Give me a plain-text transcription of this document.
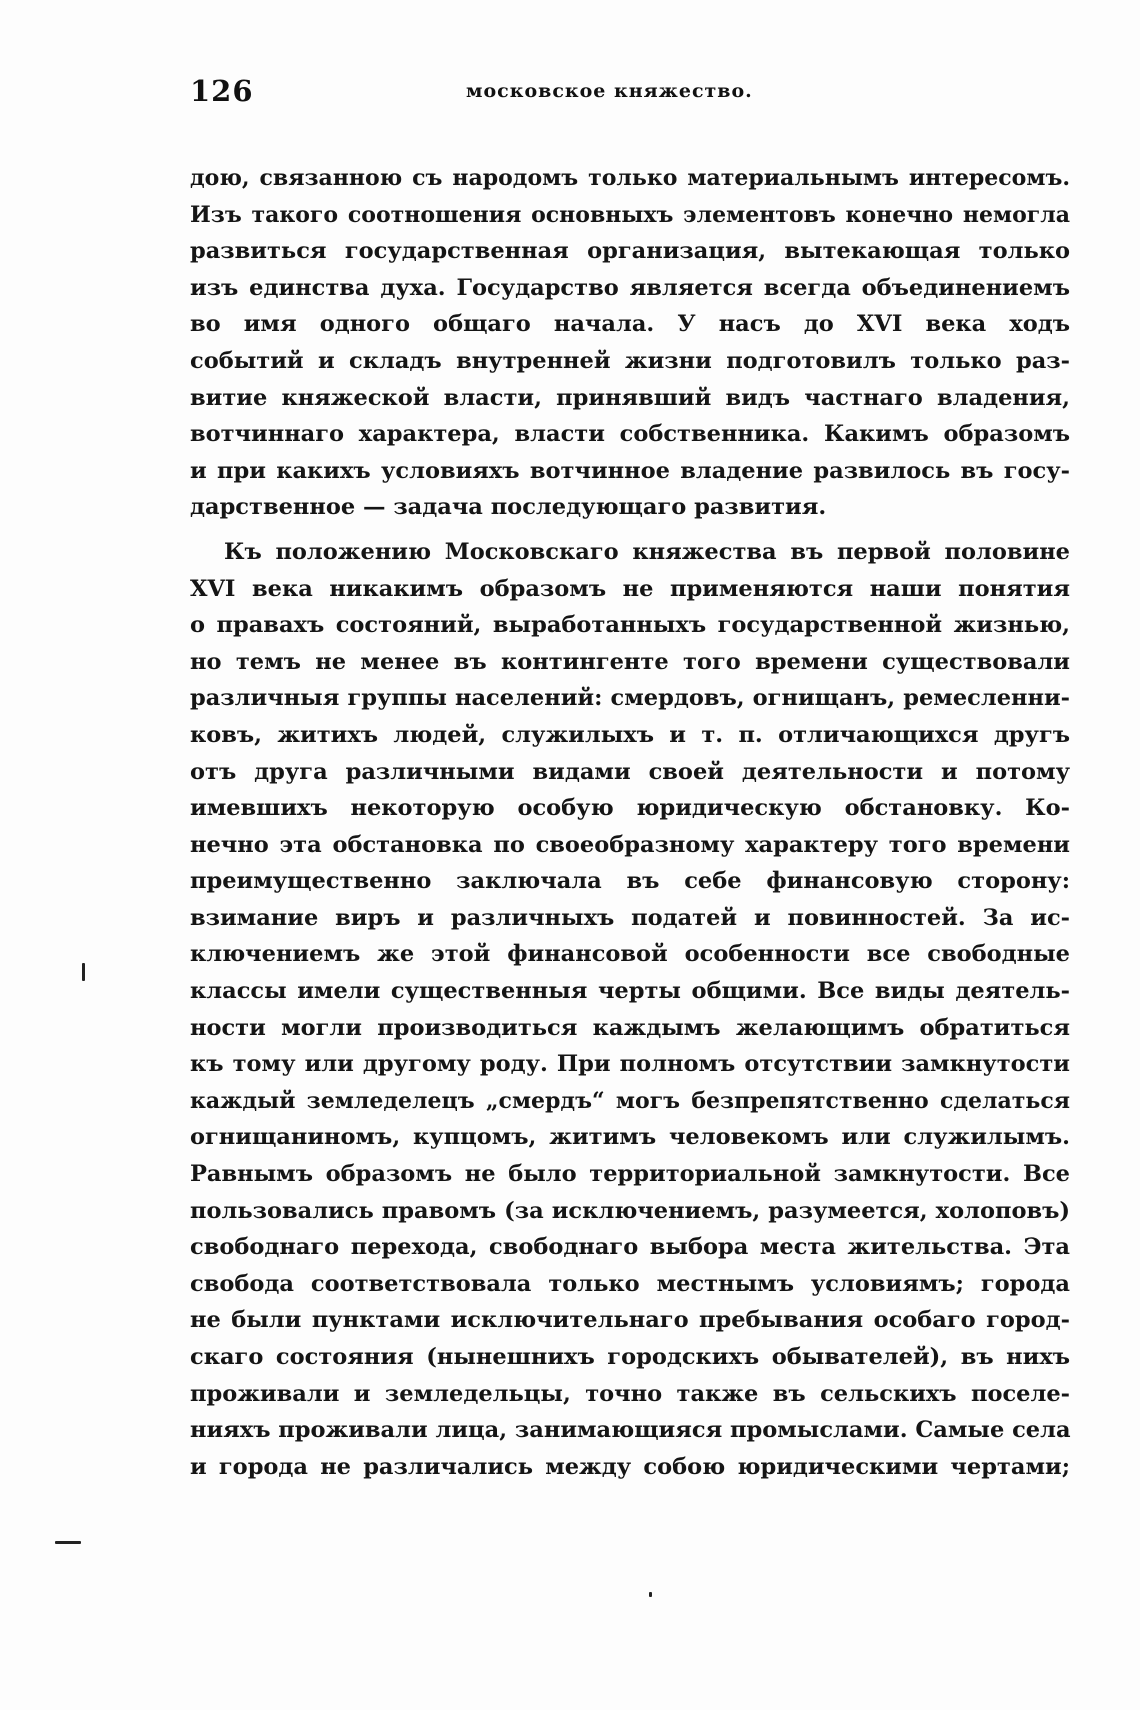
126	московское княжество.
дою, связанною съ народомъ только материальнымъ интересомъ.
Изъ такого соотношения основныхъ элементовъ конечно немогла
развиться государственная организация, вытекающая только
изъ единства духа. Государство является всегда объединениемъ
во имя одного общаго начала. У насъ до XVI века ходъ
событий и складъ внутренней жизни подготовилъ только раз-
витие княжеской власти, принявший видъ частнаго владения,
вотчиннаго характера, власти собственника. Какимъ образомъ
и при какихъ условияхъ вотчинное владение развилось въ госу-
дарственное — задача последующаго развития.
Къ положению Московскаго княжества въ первой половине
XVI века никакимъ образомъ не применяются наши понятия
о правахъ состояний, выработанныхъ государственной жизнью,
но темъ не менее въ контингенте того времени существовали
различныя группы населений: смердовъ, огнищанъ, ремесленни-
ковъ, житихъ людей, служилыхъ и т. п. отличающихся другъ
отъ друга различными видами своей деятельности и потому
имевшихъ некоторую особую юридическую обстановку. Ко-
нечно эта обстановка по своеобразному характеру того времени
преимущественно заключала въ себе финансовую сторону:
взимание виръ и различныхъ податей и повинностей. За ис-
ключениемъ же этой финансовой особенности все свободные
классы имели существенныя черты общими. Все виды деятель-
ности могли производиться каждымъ желающимъ обратиться
къ тому или другому роду. При полномъ отсутствии замкнутости
каждый земледелецъ „смердъ“ могъ безпрепятственно сделаться
огнищаниномъ, купцомъ, житимъ человекомъ или служилымъ.
Равнымъ образомъ не было территориальной замкнутости. Все
пользовались правомъ (за исключениемъ, разумеется, холоповъ)
свободнаго перехода, свободнаго выбора места жительства. Эта
свобода соответствовала только местнымъ условиямъ; города
не были пунктами исключительнаго пребывания особаго город-
скаго состояния (нынешнихъ городскихъ обывателей), въ нихъ
проживали и земледельцы, точно также въ сельскихъ поселе-
нияхъ проживали лица, занимающияся промыслами. Самые села
и города не различались между собою юридическими чертами;
